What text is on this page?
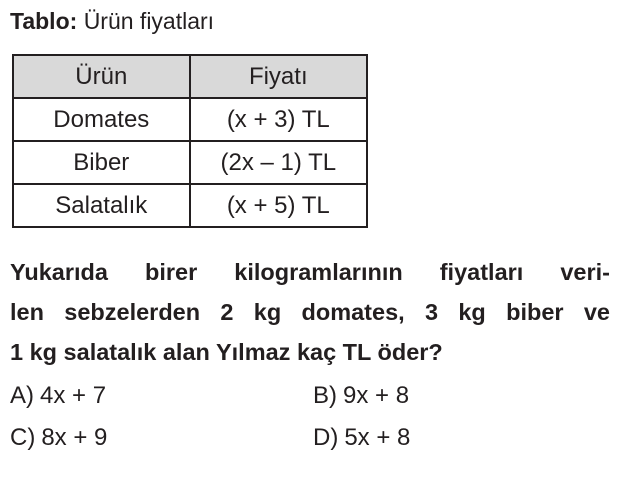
Tablo: Ürün fiyatları
Ürün	Fiyatı
Domates	(x + 3) TL
Biber	(2x – 1) TL
Salatalık	(x + 5) TL
Yukarıda birer kilogramlarının fiyatları veri-
len sebzelerden 2 kg domates, 3 kg biber ve
1 kg salatalık alan Yılmaz kaç TL öder?
A) 4x + 7	B) 9x + 8
C) 8x + 9	D) 5x + 8
